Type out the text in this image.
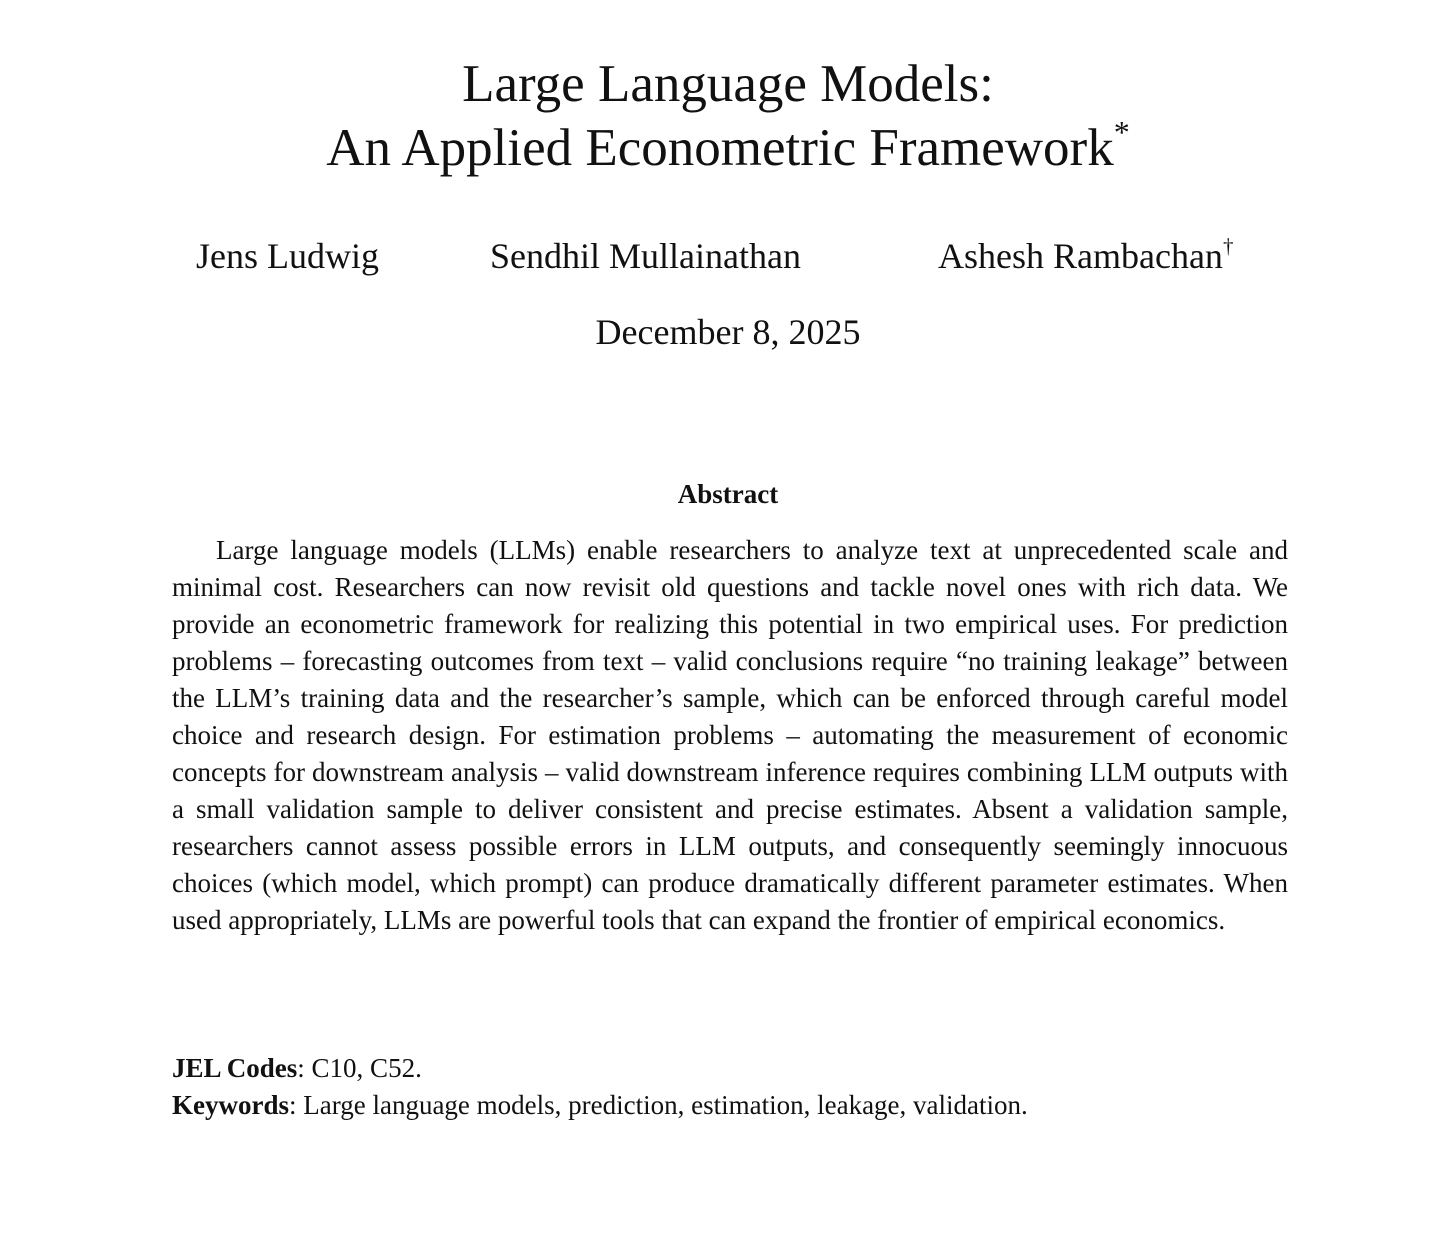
Large Language Models:
An Applied Econometric Framework*
Jens Ludwig	Sendhil Mullainathan	Ashesh Rambachan†
December 8, 2025
Abstract

Large language models (LLMs) enable researchers to analyze text at unprecedented scale and minimal cost. Researchers can now revisit old questions and tackle novel ones with rich data. We provide an econometric framework for realizing this potential in two empirical uses. For prediction problems – forecasting outcomes from text – valid conclusions require “no training leakage” between the LLM’s training data and the researcher’s sample, which can be enforced through careful model choice and research design. For estimation problems – automating the measurement of economic concepts for downstream analysis – valid downstream inference requires combining LLM outputs with a small validation sample to deliver consistent and precise estimates. Absent a validation sample, researchers cannot assess possible errors in LLM outputs, and consequently seemingly innocuous choices (which model, which prompt) can produce dramatically different parameter estimates. When used appropriately, LLMs are powerful tools that can expand the frontier of empirical economics.

JEL Codes: C10, C52.

Keywords: Large language models, prediction, estimation, leakage, validation.
